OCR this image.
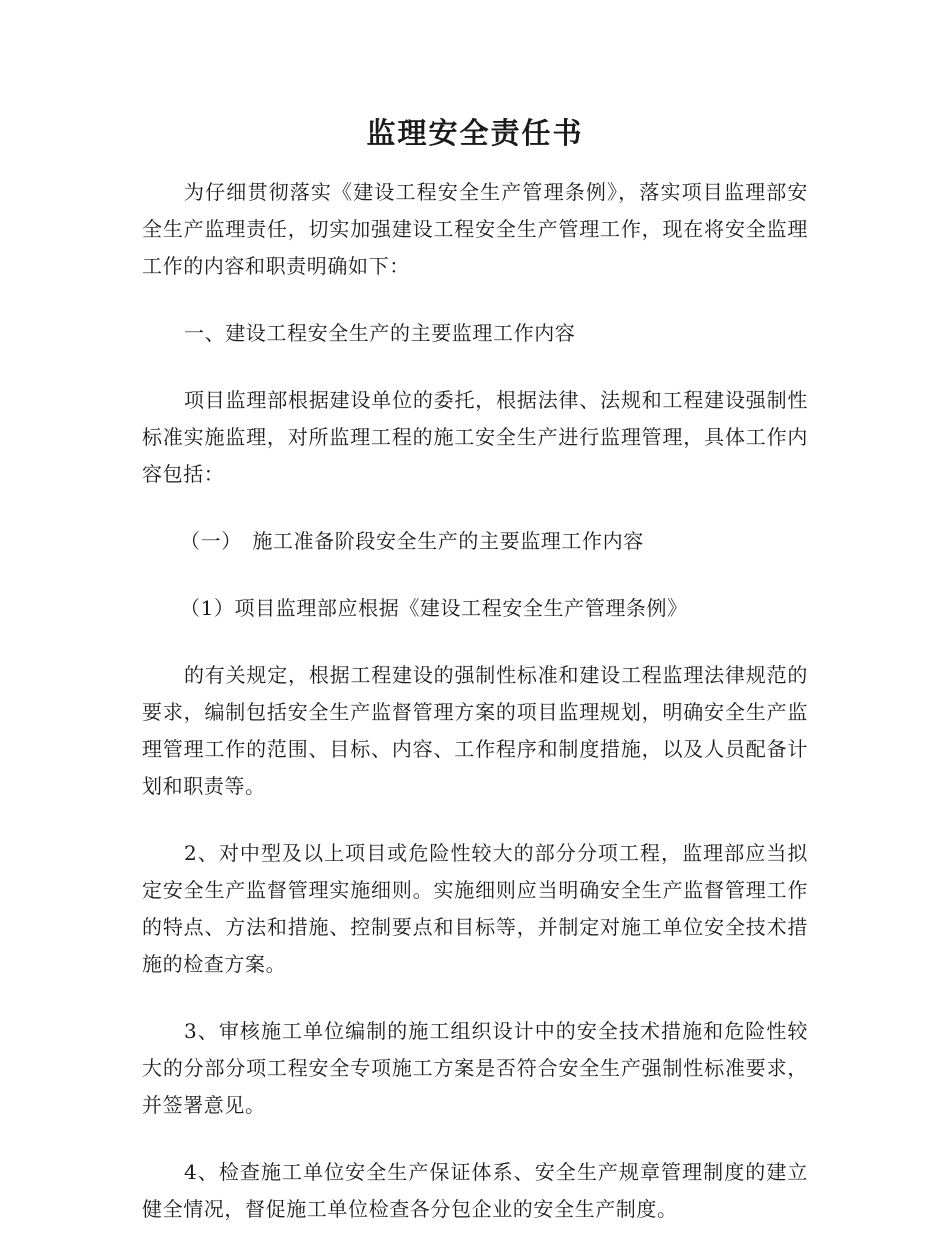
监理安全责任书

为仔细贯彻落实《建设工程安全生产管理条例》，落实项目监理部安全生产监理责任，切实加强建设工程安全生产管理工作，现在将安全监理工作的内容和职责明确如下：

一、建设工程安全生产的主要监理工作内容

项目监理部根据建设单位的委托，根据法律、法规和工程建设强制性标准实施监理，对所监理工程的施工安全生产进行监理管理，具体工作内容包括：

（一）　施工准备阶段安全生产的主要监理工作内容

（1）项目监理部应根据《建设工程安全生产管理条例》

的有关规定，根据工程建设的强制性标准和建设工程监理法律规范的要求，编制包括安全生产监督管理方案的项目监理规划，明确安全生产监理管理工作的范围、目标、内容、工作程序和制度措施，以及人员配备计划和职责等。

2、对中型及以上项目或危险性较大的部分分项工程，监理部应当拟定安全生产监督管理实施细则。实施细则应当明确安全生产监督管理工作的特点、方法和措施、控制要点和目标等，并制定对施工单位安全技术措施的检查方案。

3、审核施工单位编制的施工组织设计中的安全技术措施和危险性较大的分部分项工程安全专项施工方案是否符合安全生产强制性标准要求，并签署意见。

4、检查施工单位安全生产保证体系、安全生产规章管理制度的建立健全情况，督促施工单位检查各分包企业的安全生产制度。
